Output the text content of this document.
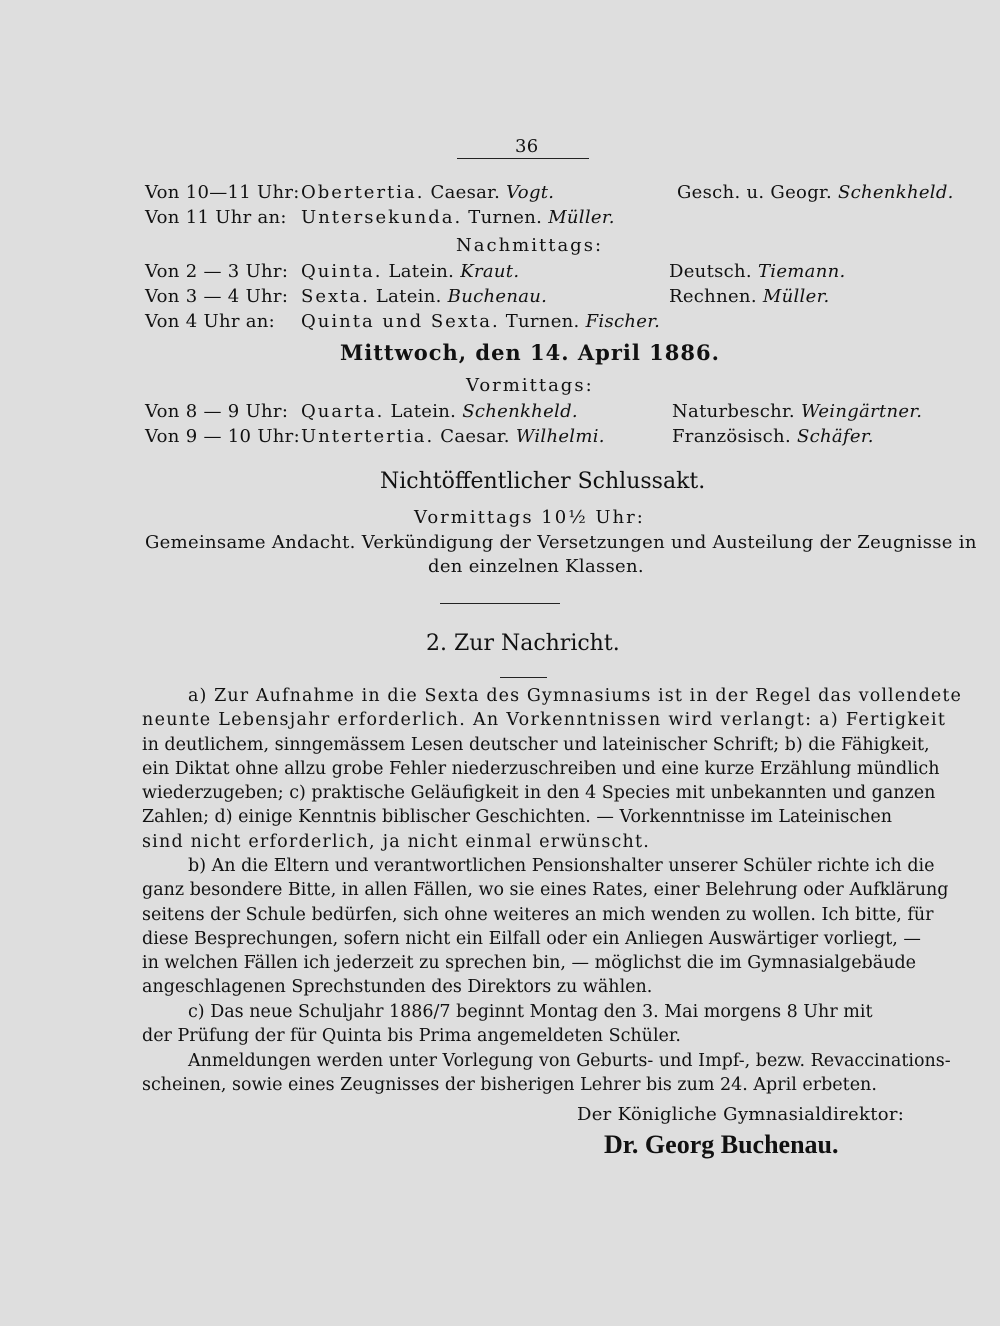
36
Von 10—11 Uhr: Obertertia. Caesar. Vogt.	Gesch. u. Geogr. Schenkheld.
Von 11 Uhr an: Untersekunda. Turnen. Müller.
Nachmittags:
Von 2 — 3 Uhr: Quinta. Latein. Kraut.	Deutsch. Tiemann.
Von 3 — 4 Uhr: Sexta. Latein. Buchenau.	Rechnen. Müller.
Von 4 Uhr an: Quinta und Sexta. Turnen. Fischer.
Mittwoch, den 14. April 1886.
Vormittags:
Von 8 — 9 Uhr: Quarta. Latein. Schenkheld.	Naturbeschr. Weingärtner.
Von 9 — 10 Uhr: Untertertia. Caesar. Wilhelmi.	Französisch. Schäfer.
Nichtöffentlicher Schlussakt.
Vormittags 10½ Uhr:
Gemeinsame Andacht. Verkündigung der Versetzungen und Austeilung der Zeugnisse in
den einzelnen Klassen.
2. Zur Nachricht.
a) Zur Aufnahme in die Sexta des Gymnasiums ist in der Regel das vollendete
neunte Lebensjahr erforderlich. An Vorkenntnissen wird verlangt: a) Fertigkeit
in deutlichem, sinngemässem Lesen deutscher und lateinischer Schrift; b) die Fähigkeit,
ein Diktat ohne allzu grobe Fehler niederzuschreiben und eine kurze Erzählung mündlich
wiederzugeben; c) praktische Geläufigkeit in den 4 Species mit unbekannten und ganzen
Zahlen; d) einige Kenntnis biblischer Geschichten. — Vorkenntnisse im Lateinischen
sind nicht erforderlich, ja nicht einmal erwünscht.
b) An die Eltern und verantwortlichen Pensionshalter unserer Schüler richte ich die
ganz besondere Bitte, in allen Fällen, wo sie eines Rates, einer Belehrung oder Aufklärung
seitens der Schule bedürfen, sich ohne weiteres an mich wenden zu wollen. Ich bitte, für
diese Besprechungen, sofern nicht ein Eilfall oder ein Anliegen Auswärtiger vorliegt, —
in welchen Fällen ich jederzeit zu sprechen bin, — möglichst die im Gymnasialgebäude
angeschlagenen Sprechstunden des Direktors zu wählen.
c) Das neue Schuljahr 1886/7 beginnt Montag den 3. Mai morgens 8 Uhr mit
der Prüfung der für Quinta bis Prima angemeldeten Schüler.
Anmeldungen werden unter Vorlegung von Geburts- und Impf-, bezw. Revaccinations-
scheinen, sowie eines Zeugnisses der bisherigen Lehrer bis zum 24. April erbeten.
Der Königliche Gymnasialdirektor:
Dr. Georg Buchenau.
